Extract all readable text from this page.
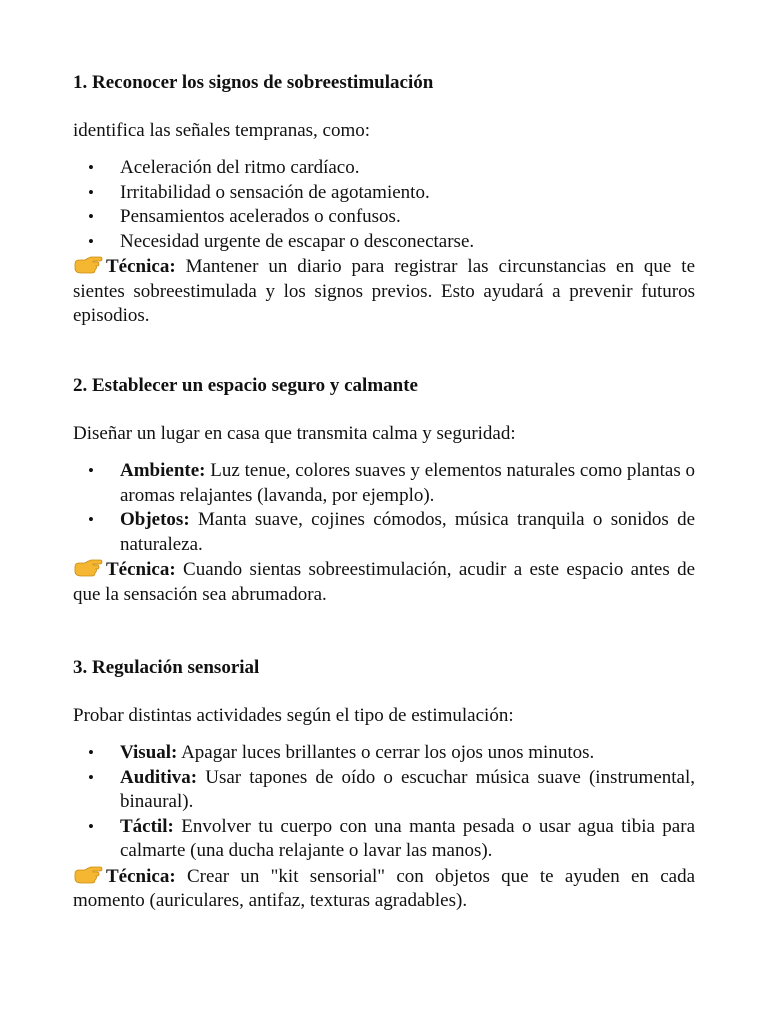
1. Reconocer los signos de sobreestimulación

identifica las señales tempranas, como:

• Aceleración del ritmo cardíaco.
• Irritabilidad o sensación de agotamiento.
• Pensamientos acelerados o confusos.
• Necesidad urgente de escapar o desconectarse.

Técnica: Mantener un diario para registrar las circunstancias en que te sientes sobreestimulada y los signos previos. Esto ayudará a prevenir futuros episodios.

2. Establecer un espacio seguro y calmante

Diseñar un lugar en casa que transmita calma y seguridad:

• Ambiente: Luz tenue, colores suaves y elementos naturales como plantas o aromas relajantes (lavanda, por ejemplo).
• Objetos: Manta suave, cojines cómodos, música tranquila o sonidos de naturaleza.

Técnica: Cuando sientas sobreestimulación, acudir a este espacio antes de que la sensación sea abrumadora.

3. Regulación sensorial

Probar distintas actividades según el tipo de estimulación:

• Visual: Apagar luces brillantes o cerrar los ojos unos minutos.
• Auditiva: Usar tapones de oído o escuchar música suave (instrumental, binaural).
• Táctil: Envolver tu cuerpo con una manta pesada o usar agua tibia para calmarte (una ducha relajante o lavar las manos).

Técnica: Crear un "kit sensorial" con objetos que te ayuden en cada momento (auriculares, antifaz, texturas agradables).
